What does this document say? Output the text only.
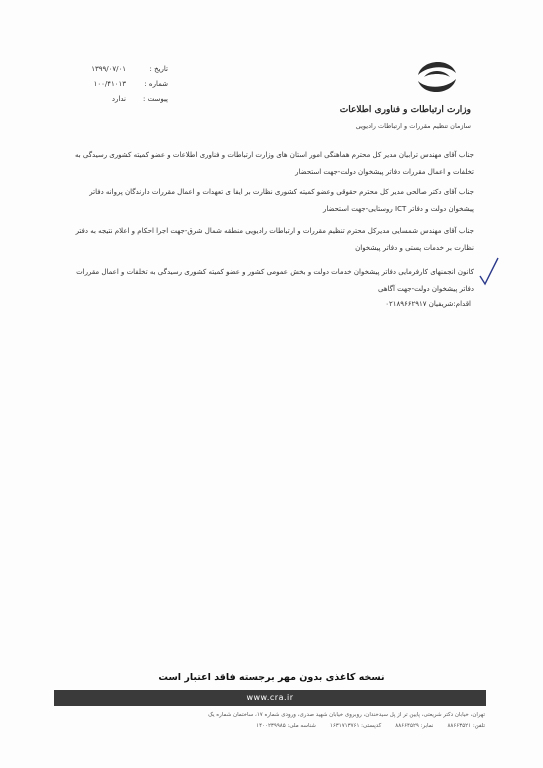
تاریخ :
۱۳۹۹/۰۷/۰۱
شماره :
۱۰۰/۴۱۰۱۳
پیوست :
ندارد
وزارت ارتباطات و فناوری اطلاعات
سازمان تنظیم مقررات و ارتباطات رادیویی
جناب آقای مهندس ترابیان مدیر کل محترم هماهنگی امور استان های وزارت ارتباطات و فناوری اطلاعات و عضو کمیته کشوری رسیدگی به تخلفات و اعمال مقررات دفاتر پیشخوان دولت-جهت استحضار
جناب آقای دکتر صالحی مدیر کل محترم حقوقی وعضو کمیته کشوری نظارت بر ایفا ی تعهدات و اعمال مقررات دارندگان پروانه دفاتر پیشخوان دولت و دفاتر ICT روستایی-جهت استحضار
جناب آقای مهندس شمسایی مدیرکل محترم تنظیم مقررات و ارتباطات رادیویی منطقه شمال شرق-جهت اجرا احکام و اعلام نتیجه به دفتر نظارت بر خدمات پستی و دفاتر پیشخوان
کانون انجمنهای کارفرمایی دفاتر پیشخوان خدمات دولت و بخش عمومی کشور و عضو کمیته کشوری رسیدگی به تخلفات و اعمال مقررات دفاتر پیشخوان دولت-جهت آگاهی
اقدام:شریفیان ۰۲۱۸۹۶۶۲۹۱۷
نسخه کاغذی بدون مهر برجسته فاقد اعتبار است
www.cra.ir
تهران، خیابان دکتر شریعتی، پایین تر از پل سیدخندان، روبروی خیابان شهید صدری، ورودی شماره ۱۷، ساختمان شماره یک
تلفن: ۸۸۶۶۳۵۲۱
نمابر: ۸۸۶۶۴۵۲۹
کدپستی: ۱۶۳۱۷۱۳۷۶۱
شناسه ملی: ۱۴۰۰۲۳۹۹۸۵
